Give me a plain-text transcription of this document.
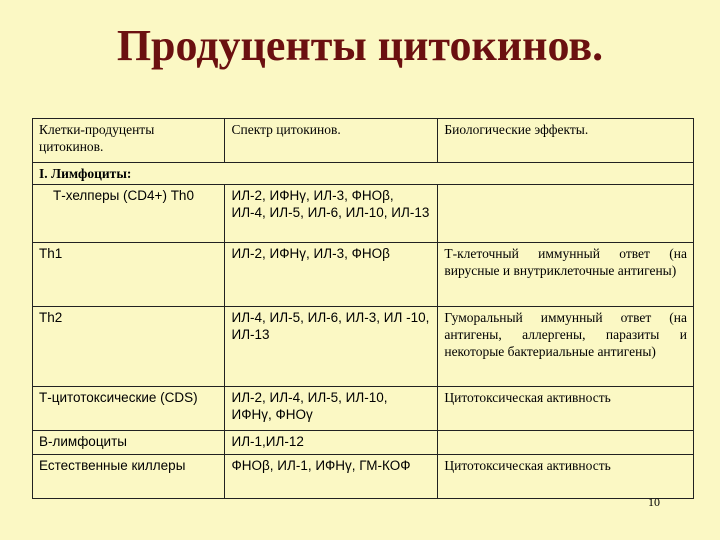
Продуценты цитокинов.
Клетки-продуценты цитокинов.	Спектр цитокинов.	Биологические эффекты.
I. Лимфоциты:		
Т-хелперы (CD4+) Th0	ИЛ-2, ИФНγ, ИЛ-3, ФНОβ, ИЛ-4, ИЛ-5, ИЛ-6, ИЛ-10, ИЛ-13	
Th1	ИЛ-2, ИФНγ, ИЛ-3, ФНОβ	Т-клеточный иммунный ответ (на вирусные и внутриклеточные антигены)
Th2	ИЛ-4, ИЛ-5, ИЛ-6, ИЛ-3, ИЛ -10, ИЛ-13	Гуморальный иммунный ответ (на антигены, аллергены, паразиты и некоторые бактериальные антигены)
Т-цитотоксические (CDS)	ИЛ-2, ИЛ-4, ИЛ-5, ИЛ-10, ИФНγ, ФНОγ	Цитотоксическая активность
В-лимфоциты	ИЛ-1,ИЛ-12	
Естественные киллеры	ФНОβ, ИЛ-1, ИФНγ, ГМ-КОФ	Цитотоксическая активность
10
